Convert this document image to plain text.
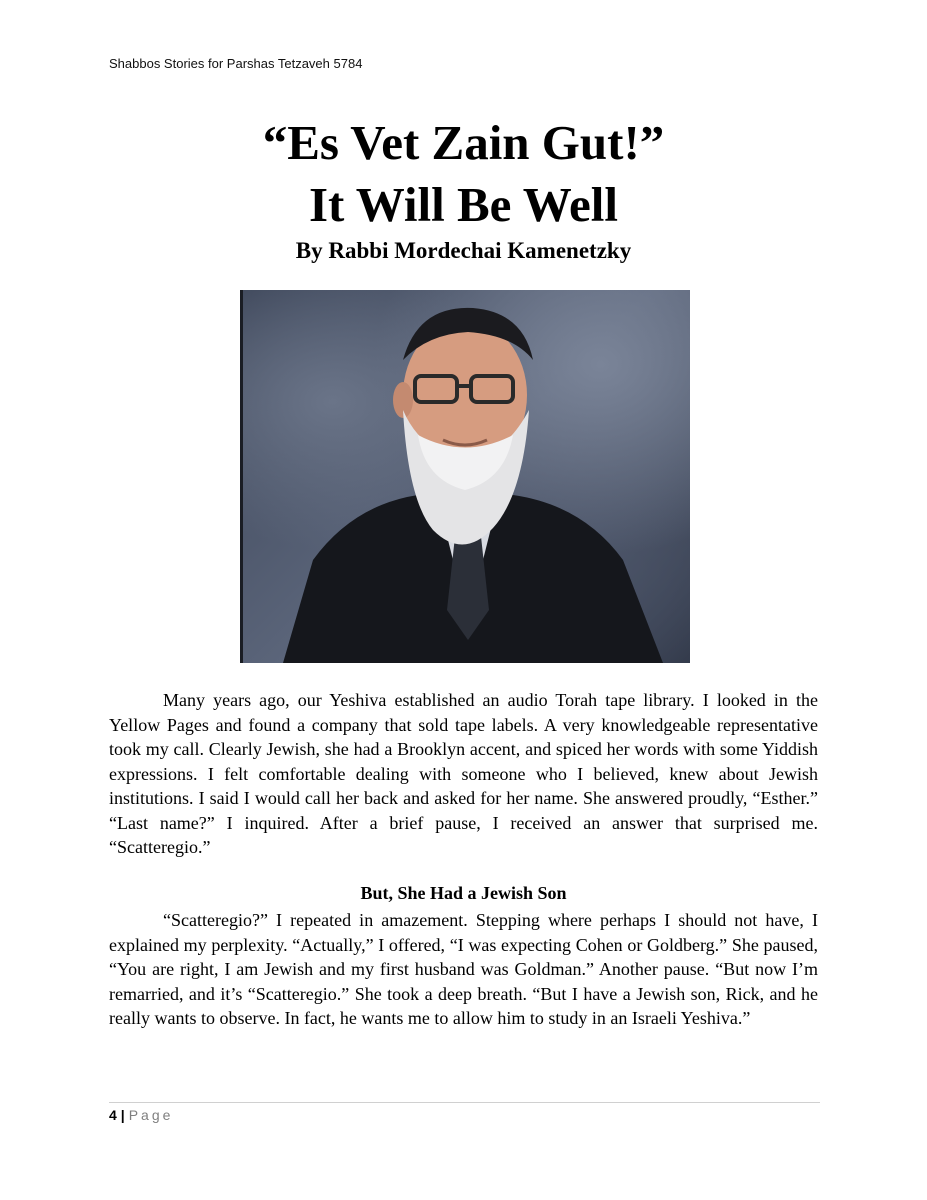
Shabbos Stories for Parshas Tetzaveh 5784
“Es Vet Zain Gut!”
It Will Be Well
By Rabbi Mordechai Kamenetzky

Many years ago, our Yeshiva established an audio Torah tape library. I looked in the Yellow Pages and found a company that sold tape labels. A very knowledgeable representative took my call. Clearly Jewish, she had a Brooklyn accent, and spiced her words with some Yiddish expressions. I felt comfortable dealing with someone who I believed, knew about Jewish institutions. I said I would call her back and asked for her name. She answered proudly, “Esther.” “Last name?” I inquired. After a brief pause, I received an answer that surprised me. “Scatteregio.”

But, She Had a Jewish Son

“Scatteregio?” I repeated in amazement. Stepping where perhaps I should not have, I explained my perplexity. “Actually,” I offered, “I was expecting Cohen or Goldberg.” She paused, “You are right, I am Jewish and my first husband was Goldman.” Another pause. “But now I’m remarried, and it’s “Scatteregio.” She took a deep breath. “But I have a Jewish son, Rick, and he really wants to observe. In fact, he wants me to allow him to study in an Israeli Yeshiva.”

4 | Page
